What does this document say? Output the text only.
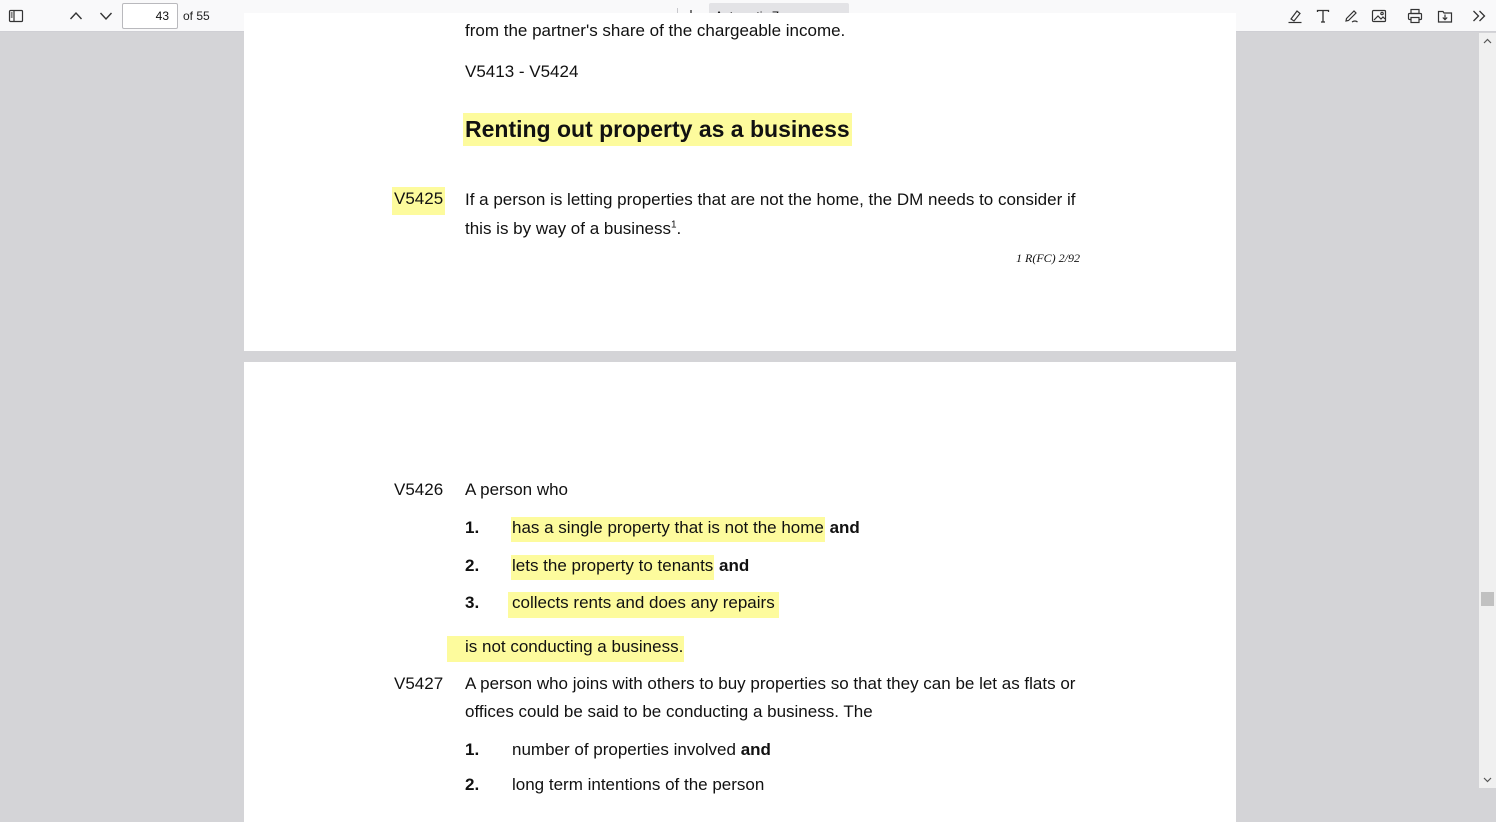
43
of 55
from the partner's share of the chargeable income.
V5413 - V5424
Renting out property as a business
V5425 If a person is letting properties that are not the home, the DM needs to consider if
this is by way of a business$^1$.
1 R(FC) 2/92
V5426 A person who
1. has a single property that is not the home and
2. lets the property to tenants and
3. collects rents and does any repairs
is not conducting a business.
V5427 A person who joins with others to buy properties so that they can be let as flats or
offices could be said to be conducting a business. The
1. number of properties involved and
2. long term intentions of the person
